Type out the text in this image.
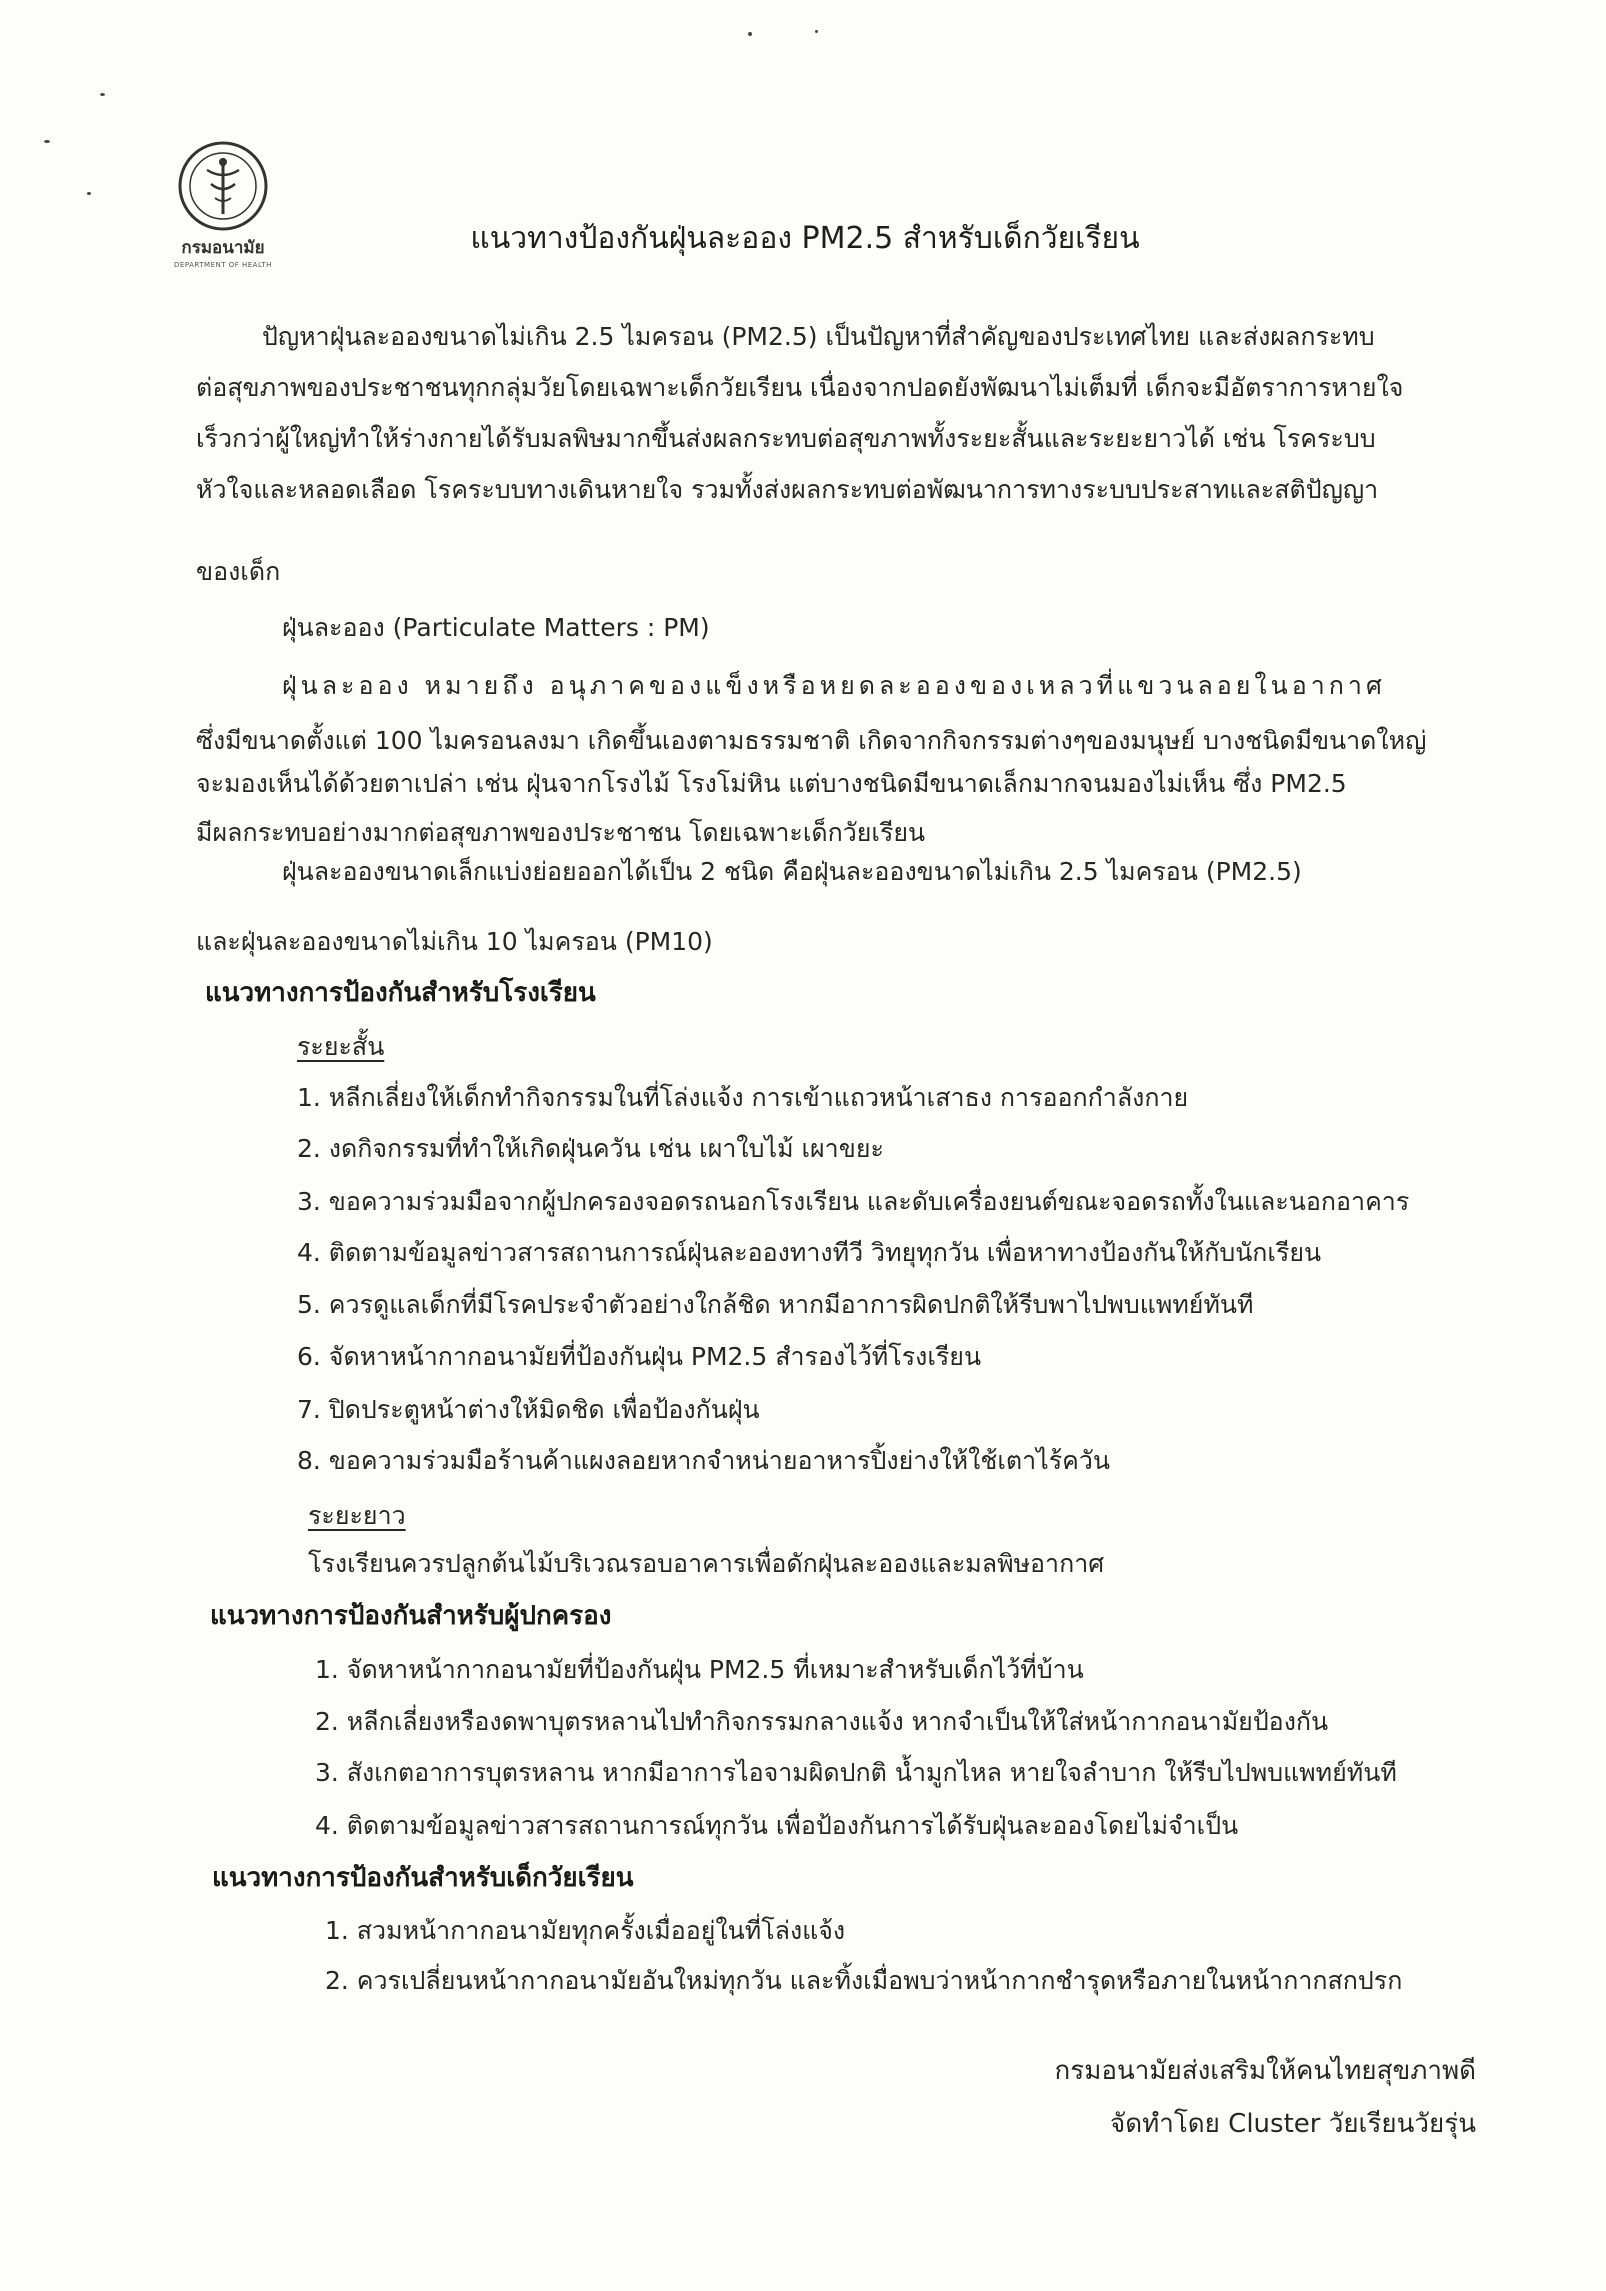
กรมอนามัย
DEPARTMENT OF HEALTH
แนวทางป้องกันฝุ่นละออง PM2.5 สำหรับเด็กวัยเรียน
ปัญหาฝุ่นละอองขนาดไม่เกิน 2.5 ไมครอน (PM2.5) เป็นปัญหาที่สำคัญของประเทศไทย และส่งผลกระทบ
ต่อสุขภาพของประชาชนทุกกลุ่มวัยโดยเฉพาะเด็กวัยเรียน เนื่องจากปอดยังพัฒนาไม่เต็มที่ เด็กจะมีอัตราการหายใจ
เร็วกว่าผู้ใหญ่ทำให้ร่างกายได้รับมลพิษมากขึ้นส่งผลกระทบต่อสุขภาพทั้งระยะสั้นและระยะยาวได้ เช่น โรคระบบ
หัวใจและหลอดเลือด โรคระบบทางเดินหายใจ รวมทั้งส่งผลกระทบต่อพัฒนาการทางระบบประสาทและสติปัญญา
ของเด็ก
ฝุ่นละออง (Particulate Matters : PM)
ฝุ่นละออง หมายถึง อนุภาคของแข็งหรือหยดละอองของเหลวที่แขวนลอยในอากาศ
ซึ่งมีขนาดตั้งแต่ 100 ไมครอนลงมา เกิดขึ้นเองตามธรรมชาติ เกิดจากกิจกรรมต่างๆของมนุษย์ บางชนิดมีขนาดใหญ่
จะมองเห็นได้ด้วยตาเปล่า เช่น ฝุ่นจากโรงไม้ โรงโม่หิน แต่บางชนิดมีขนาดเล็กมากจนมองไม่เห็น ซึ่ง PM2.5
มีผลกระทบอย่างมากต่อสุขภาพของประชาชน โดยเฉพาะเด็กวัยเรียน
ฝุ่นละอองขนาดเล็กแบ่งย่อยออกได้เป็น 2 ชนิด คือฝุ่นละอองขนาดไม่เกิน 2.5 ไมครอน (PM2.5)
และฝุ่นละอองขนาดไม่เกิน 10 ไมครอน (PM10)
แนวทางการป้องกันสำหรับโรงเรียน
ระยะสั้น
1. หลีกเลี่ยงให้เด็กทำกิจกรรมในที่โล่งแจ้ง การเข้าแถวหน้าเสาธง การออกกำลังกาย
2. งดกิจกรรมที่ทำให้เกิดฝุ่นควัน เช่น เผาใบไม้ เผาขยะ
3. ขอความร่วมมือจากผู้ปกครองจอดรถนอกโรงเรียน และดับเครื่องยนต์ขณะจอดรถทั้งในและนอกอาคาร
4. ติดตามข้อมูลข่าวสารสถานการณ์ฝุ่นละอองทางทีวี วิทยุทุกวัน เพื่อหาทางป้องกันให้กับนักเรียน
5. ควรดูแลเด็กที่มีโรคประจำตัวอย่างใกล้ชิด หากมีอาการผิดปกติให้รีบพาไปพบแพทย์ทันที
6. จัดหาหน้ากากอนามัยที่ป้องกันฝุ่น PM2.5 สำรองไว้ที่โรงเรียน
7. ปิดประตูหน้าต่างให้มิดชิด เพื่อป้องกันฝุ่น
8. ขอความร่วมมือร้านค้าแผงลอยหากจำหน่ายอาหารปิ้งย่างให้ใช้เตาไร้ควัน
ระยะยาว
โรงเรียนควรปลูกต้นไม้บริเวณรอบอาคารเพื่อดักฝุ่นละอองและมลพิษอากาศ
แนวทางการป้องกันสำหรับผู้ปกครอง
1. จัดหาหน้ากากอนามัยที่ป้องกันฝุ่น PM2.5 ที่เหมาะสำหรับเด็กไว้ที่บ้าน
2. หลีกเลี่ยงหรืองดพาบุตรหลานไปทำกิจกรรมกลางแจ้ง หากจำเป็นให้ใส่หน้ากากอนามัยป้องกัน
3. สังเกตอาการบุตรหลาน หากมีอาการไอจามผิดปกติ น้ำมูกไหล หายใจลำบาก ให้รีบไปพบแพทย์ทันที
4. ติดตามข้อมูลข่าวสารสถานการณ์ทุกวัน เพื่อป้องกันการได้รับฝุ่นละอองโดยไม่จำเป็น
แนวทางการป้องกันสำหรับเด็กวัยเรียน
1. สวมหน้ากากอนามัยทุกครั้งเมื่ออยู่ในที่โล่งแจ้ง
2. ควรเปลี่ยนหน้ากากอนามัยอันใหม่ทุกวัน และทิ้งเมื่อพบว่าหน้ากากชำรุดหรือภายในหน้ากากสกปรก
กรมอนามัยส่งเสริมให้คนไทยสุขภาพดี
จัดทำโดย Cluster วัยเรียนวัยรุ่น
